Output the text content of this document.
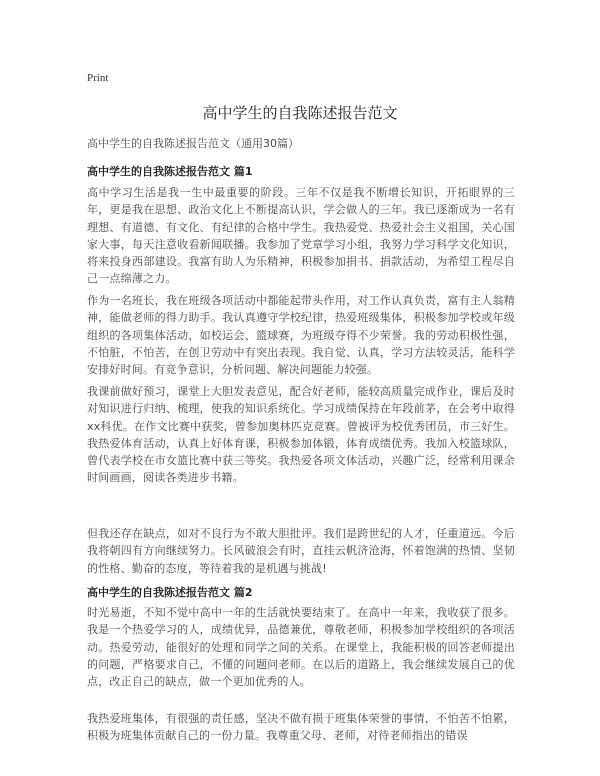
Print
高中学生的自我陈述报告范文
高中学生的自我陈述报告范文（通用30篇）
高中学生的自我陈述报告范文 篇1

高中学习生活是我一生中最重要的阶段。三年不仅是我不断增长知识，开拓眼界的三年，更是我在思想、政治文化上不断提高认识，学会做人的三年。我已逐渐成为一名有理想、有道德、有文化、有纪律的合格中学生。我热爱党、热爱社会主义祖国，关心国家大事，每天注意收看新闻联播。我参加了党章学习小组，我努力学习科学文化知识，将来投身西部建设。我富有助人为乐精神，积极参加捐书、捐款活动，为希望工程尽自己一点绵薄之力。

作为一名班长，我在班级各项活动中都能起带头作用，对工作认真负责，富有主人翁精神，能做老师的得力助手。我认真遵守学校纪律，热爱班级集体，积极参加学校或年级组织的各项集体活动，如校运会、篮球赛，为班级夺得不少荣誉。我的劳动积极性强，不怕脏，不怕苦，在创卫劳动中有突出表现。我自觉、认真，学习方法较灵活，能科学安排好时间。有竞争意识，分析问题、解决问题能力较强。

我课前做好预习，课堂上大胆发表意见，配合好老师，能较高质量完成作业，课后及时对知识进行归纳、梳理，使我的知识系统化。学习成绩保持在年段前茅，在会考中取得xx科优。在作文比赛中获奖，曾参加奥林匹克竞赛。曾被评为校优秀团员，市三好生。我热爱体育活动，认真上好体育课，积极参加体锻，体育成绩优秀。我加入校篮球队，曾代表学校在市女篮比赛中获三等奖。我热爱各项文体活动，兴趣广泛，经常利用课余时间画画，阅读各类进步书籍。

但我还存在缺点，如对不良行为不敢大胆批评。我们是跨世纪的人才，任重道远。今后我将朝四有方向继续努力。长风破浪会有时，直挂云帆济沧海，怀着饱满的热情、坚韧的性格、勤奋的态度，等待着我的是机遇与挑战!

高中学生的自我陈述报告范文 篇2

时光易逝，不知不觉中高中一年的生活就快要结束了。在高中一年来，我收获了很多。我是一个热爱学习的人，成绩优异，品德兼优，尊敬老师，积极参加学校组织的各项活动。热爱劳动，能很好的处理和同学之间的关系。在课堂上，我能积极的回答老师提出的问题，严格要求自己，不懂的问题问老师。在以后的道路上，我会继续发展自己的优点，改正自己的缺点，做一个更加优秀的人。

我热爱班集体，有很强的责任感，坚决不做有损于班集体荣誉的事情，不怕苦不怕累，积极为班集体贡献自己的一份力量。我尊重父母、老师，对待老师指出的错误
